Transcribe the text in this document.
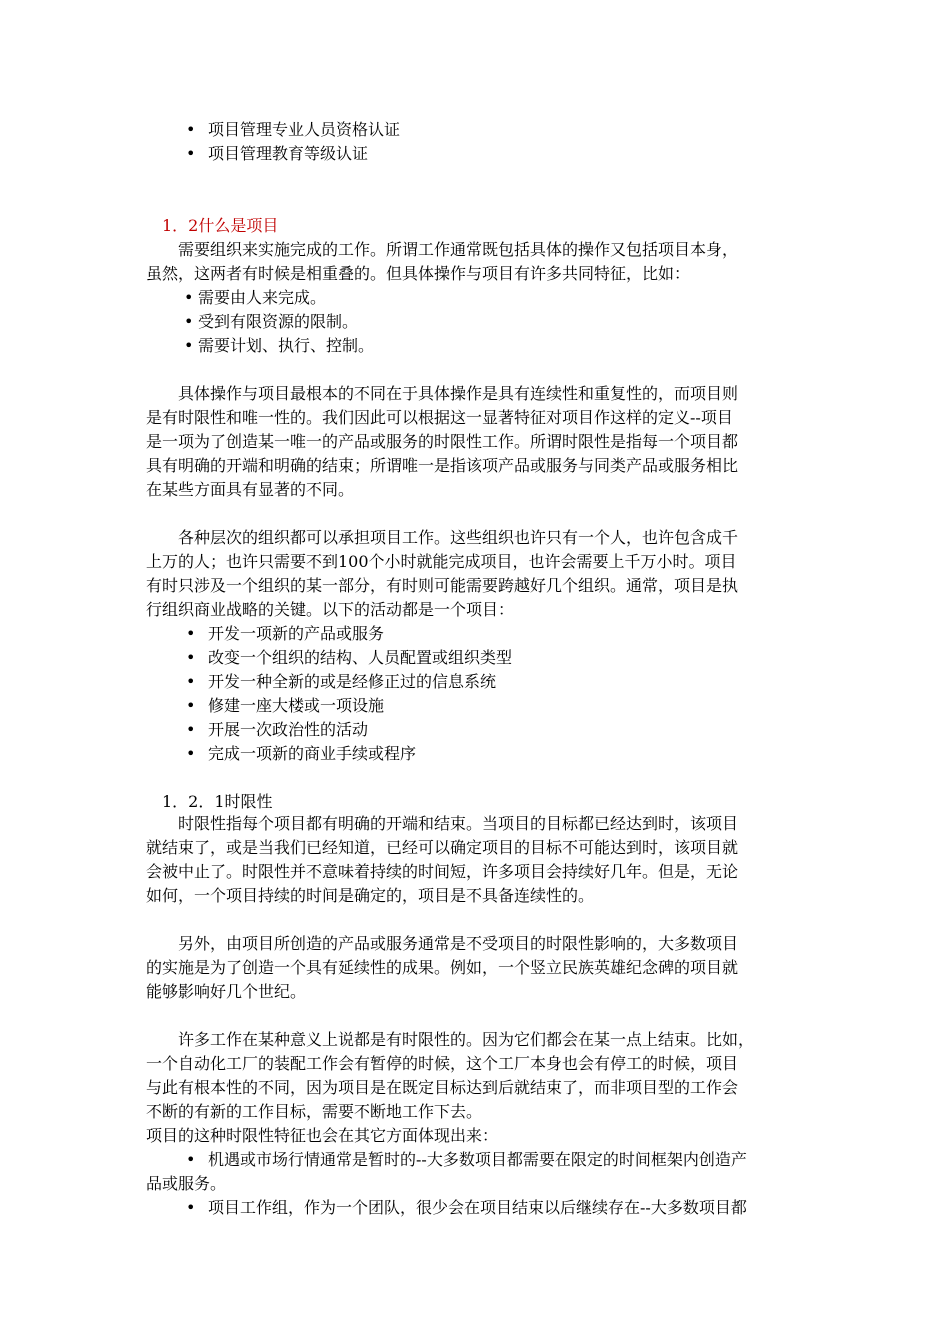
• 项目管理专业人员资格认证
• 项目管理教育等级认证
1．2什么是项目
需要组织来实施完成的工作。所谓工作通常既包括具体的操作又包括项目本身，
虽然，这两者有时候是相重叠的。但具体操作与项目有许多共同特征，比如：
• 需要由人来完成。
• 受到有限资源的限制。
• 需要计划、执行、控制。
具体操作与项目最根本的不同在于具体操作是具有连续性和重复性的，而项目则
是有时限性和唯一性的。我们因此可以根据这一显著特征对项目作这样的定义--项目
是一项为了创造某一唯一的产品或服务的时限性工作。所谓时限性是指每一个项目都
具有明确的开端和明确的结束；所谓唯一是指该项产品或服务与同类产品或服务相比
在某些方面具有显著的不同。
各种层次的组织都可以承担项目工作。这些组织也许只有一个人，也许包含成千
上万的人；也许只需要不到100个小时就能完成项目，也许会需要上千万小时。项目
有时只涉及一个组织的某一部分，有时则可能需要跨越好几个组织。通常，项目是执
行组织商业战略的关键。以下的活动都是一个项目：
• 开发一项新的产品或服务
• 改变一个组织的结构、人员配置或组织类型
• 开发一种全新的或是经修正过的信息系统
• 修建一座大楼或一项设施
• 开展一次政治性的活动
• 完成一项新的商业手续或程序
1．2．1时限性
时限性指每个项目都有明确的开端和结束。当项目的目标都已经达到时，该项目
就结束了，或是当我们已经知道，已经可以确定项目的目标不可能达到时，该项目就
会被中止了。时限性并不意味着持续的时间短，许多项目会持续好几年。但是，无论
如何，一个项目持续的时间是确定的，项目是不具备连续性的。
另外，由项目所创造的产品或服务通常是不受项目的时限性影响的，大多数项目
的实施是为了创造一个具有延续性的成果。例如，一个竖立民族英雄纪念碑的项目就
能够影响好几个世纪。
许多工作在某种意义上说都是有时限性的。因为它们都会在某一点上结束。比如，
一个自动化工厂的装配工作会有暂停的时候，这个工厂本身也会有停工的时候，项目
与此有根本性的不同，因为项目是在既定目标达到后就结束了，而非项目型的工作会
不断的有新的工作目标，需要不断地工作下去。
项目的这种时限性特征也会在其它方面体现出来：
• 机遇或市场行情通常是暂时的--大多数项目都需要在限定的时间框架内创造产
品或服务。
• 项目工作组，作为一个团队，很少会在项目结束以后继续存在--大多数项目都
